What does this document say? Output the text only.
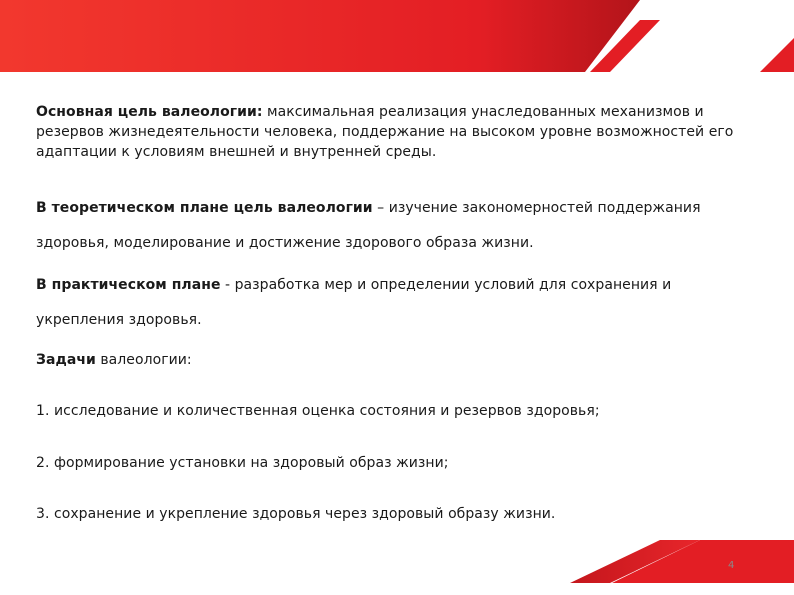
Основная цель валеологии: максимальная реализация унаследованных механизмов и резервов жизнедеятельности человека, поддержание на высоком уровне возможностей его адаптации к условиям внешней и внутренней среды.
В теоретическом плане цель валеологии – изучение закономерностей поддержания здоровья, моделирование и достижение здорового образа жизни.
В практическом плане - разработка мер и определении условий для сохранения и укрепления здоровья.
Задачи валеологии:
1. исследование и количественная оценка состояния и резервов здоровья;
2. формирование установки на здоровый образ жизни;
3. сохранение и укрепление здоровья через здоровый образу жизни.
4
